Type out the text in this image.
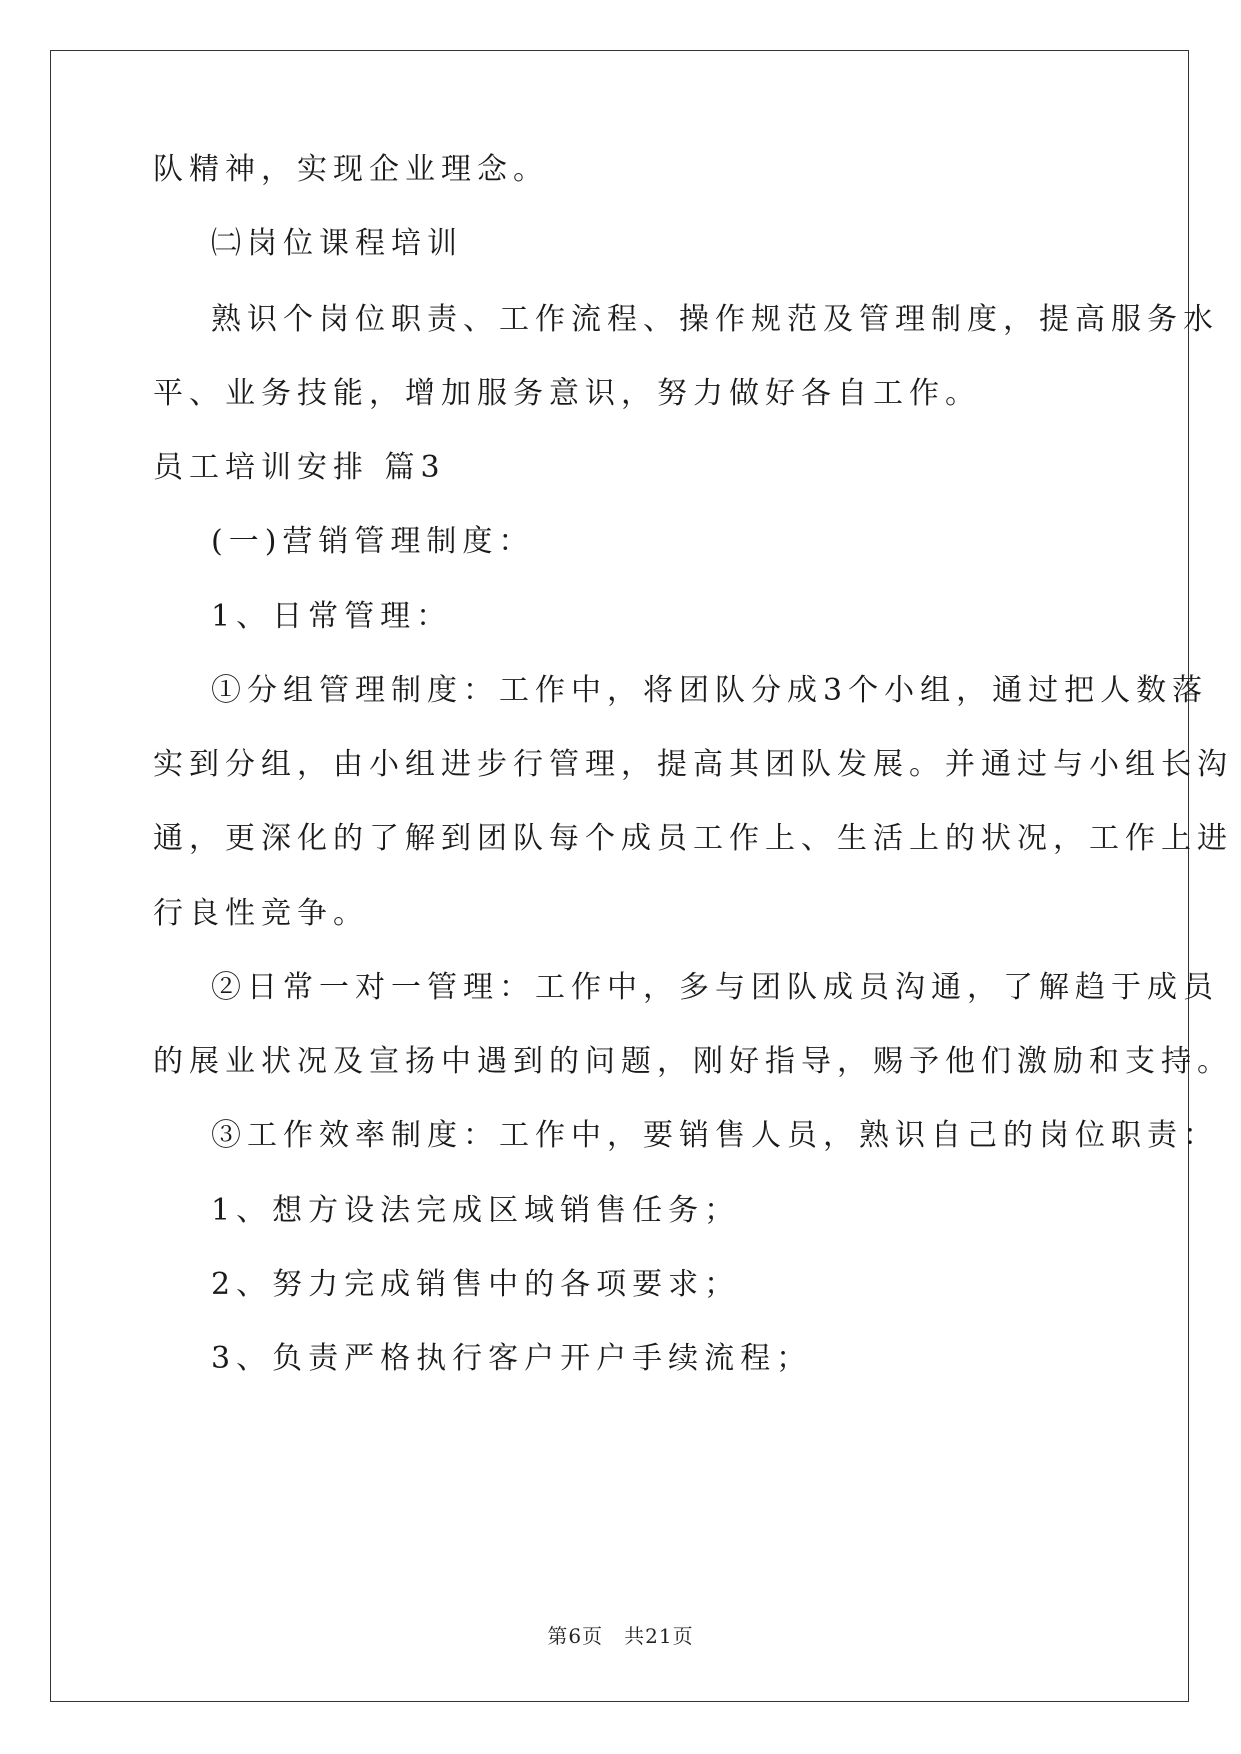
队精神，实现企业理念。
㈡岗位课程培训
熟识个岗位职责、工作流程、操作规范及管理制度，提高服务水
平、业务技能，增加服务意识，努力做好各自工作。
员工培训安排 篇3
(一)营销管理制度：
1、日常管理：
①分组管理制度：工作中，将团队分成3个小组，通过把人数落
实到分组，由小组进步行管理，提高其团队发展。并通过与小组长沟
通，更深化的了解到团队每个成员工作上、生活上的状况，工作上进
行良性竞争。
②日常一对一管理：工作中，多与团队成员沟通，了解趋于成员
的展业状况及宣扬中遇到的问题，刚好指导，赐予他们激励和支持。
③工作效率制度：工作中，要销售人员，熟识自己的岗位职责：
1、想方设法完成区域销售任务；
2、努力完成销售中的各项要求；
3、负责严格执行客户开户手续流程；
第6页　共21页
